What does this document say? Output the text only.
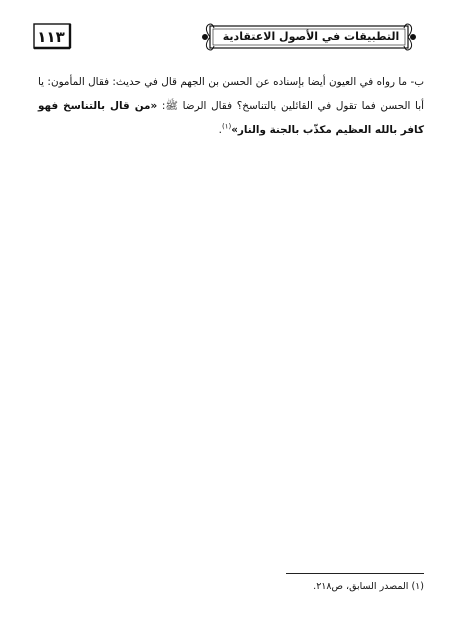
التطبيقات في الأصول الاعتقادية
١١٣
ب- ما رواه في العيون أيضا بإسناده عن الحسن بن الجهم قال في حديث: فقال المأمون: يا أبا الحسن فما تقول في القائلين بالتناسخ؟ فقال الرضا ﷺ: «من قال بالتناسخ فهو كافر بالله العظيم مكذّب بالجنة والنار»$^{(١)}$.
(١) المصدر السابق، ص٢١٨.
